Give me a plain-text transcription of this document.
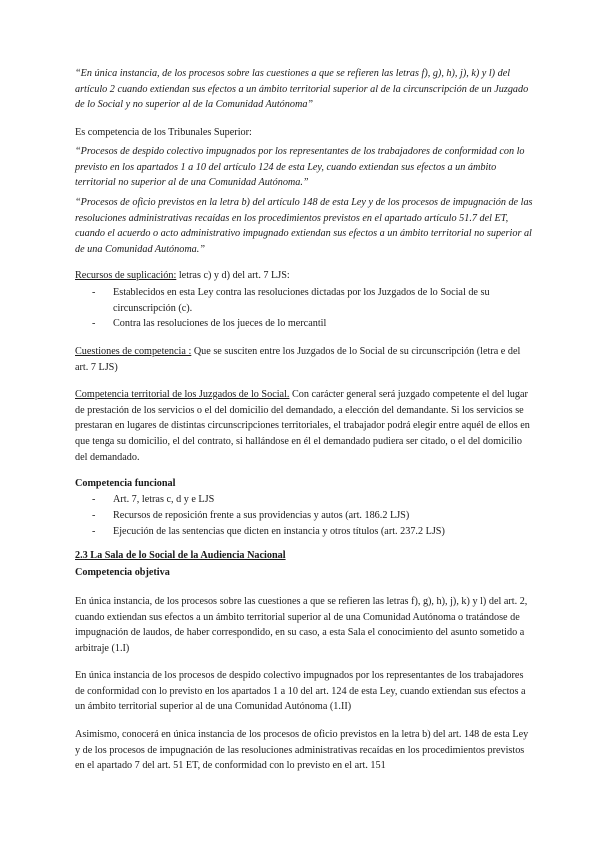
“En única instancia, de los procesos sobre las cuestiones a que se refieren las letras f), g), h), j), k) y l) del artículo 2 cuando extiendan sus efectos a un ámbito territorial superior al de la circunscripción de un Juzgado de lo Social y no superior al de la Comunidad Autónoma”
Es competencia de los Tribunales Superior:
“Procesos de despido colectivo impugnados por los representantes de los trabajadores de conformidad con lo previsto en los apartados 1 a 10 del artículo 124 de esta Ley, cuando extiendan sus efectos a un ámbito territorial no superior al de una Comunidad Autónoma.”
“Procesos de oficio previstos en la letra b) del artículo 148 de esta Ley y de los procesos de impugnación de las resoluciones administrativas recaídas en los procedimientos previstos en el apartado artículo 51.7 del ET, cuando el acuerdo o acto administrativo impugnado extiendan sus efectos a un ámbito territorial no superior al de una Comunidad Autónoma.”
Recursos de suplicación: letras c) y d) del art. 7 LJS:
- Establecidos en esta Ley contra las resoluciones dictadas por los Juzgados de lo Social de su circunscripción (c).
- Contra las resoluciones de los jueces de lo mercantil
Cuestiones de competencia : Que se susciten entre los Juzgados de lo Social de su circunscripción (letra e del art. 7 LJS)
Competencia territorial de los Juzgados de lo Social. Con carácter general será juzgado competente el del lugar de prestación de los servicios o el del domicilio del demandado, a elección del demandante. Si los servicios se prestaran en lugares de distintas circunscripciones territoriales, el trabajador podrá elegir entre aquél de ellos en que tenga su domicilio, el del contrato, si hallándose en él el demandado pudiera ser citado, o el del domicilio del demandado.
Competencia funcional
- Art. 7, letras c, d y e LJS
- Recursos de reposición frente a sus providencias y autos (art. 186.2 LJS)
- Ejecución de las sentencias que dicten en instancia y otros títulos (art. 237.2 LJS)
2.3 La Sala de lo Social de la Audiencia Nacional
Competencia objetiva
En única instancia, de los procesos sobre las cuestiones a que se refieren las letras f), g), h), j), k) y l) del art. 2, cuando extiendan sus efectos a un ámbito territorial superior al de una Comunidad Autónoma o tratándose de impugnación de laudos, de haber correspondido, en su caso, a esta Sala el conocimiento del asunto sometido a arbitraje (1.I)
En única instancia de los procesos de despido colectivo impugnados por los representantes de los trabajadores de conformidad con lo previsto en los apartados 1 a 10 del art. 124 de esta Ley, cuando extiendan sus efectos a un ámbito territorial superior al de una Comunidad Autónoma (1.II)
Asimismo, conocerá en única instancia de los procesos de oficio previstos en la letra b) del art. 148 de esta Ley y de los procesos de impugnación de las resoluciones administrativas recaídas en los procedimientos previstos en el apartado 7 del art. 51 ET, de conformidad con lo previsto en el art. 151
